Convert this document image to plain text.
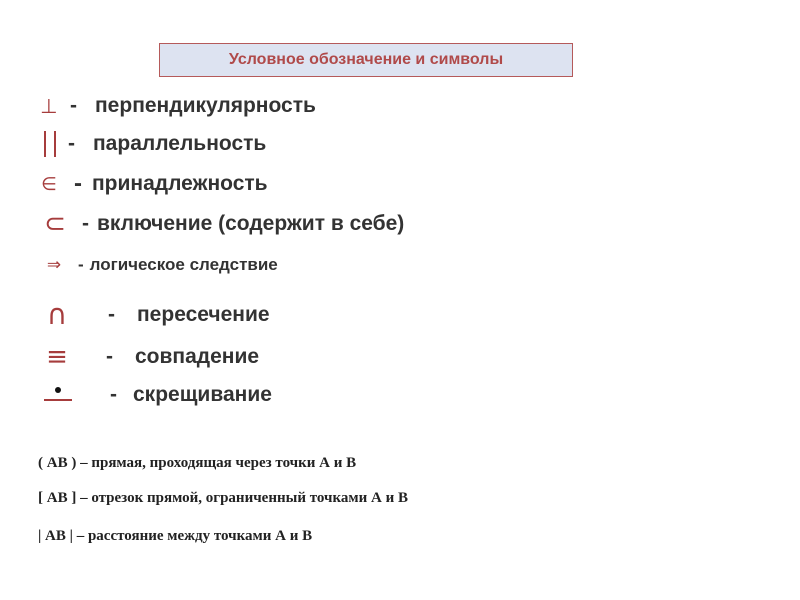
Условное обозначение и символы
⊥ - перпендикулярность
- параллельность
∈ - принадлежность
⊂ - включение (содержит в себе)
⇒ - логическое следствие
∩ - пересечение
≡ - совпадение
- скрещивание
( АВ ) – прямая, проходящая через точки А и В
[ АВ ] – отрезок прямой, ограниченный точками А и В
| АВ | – расстояние между точками А и В
